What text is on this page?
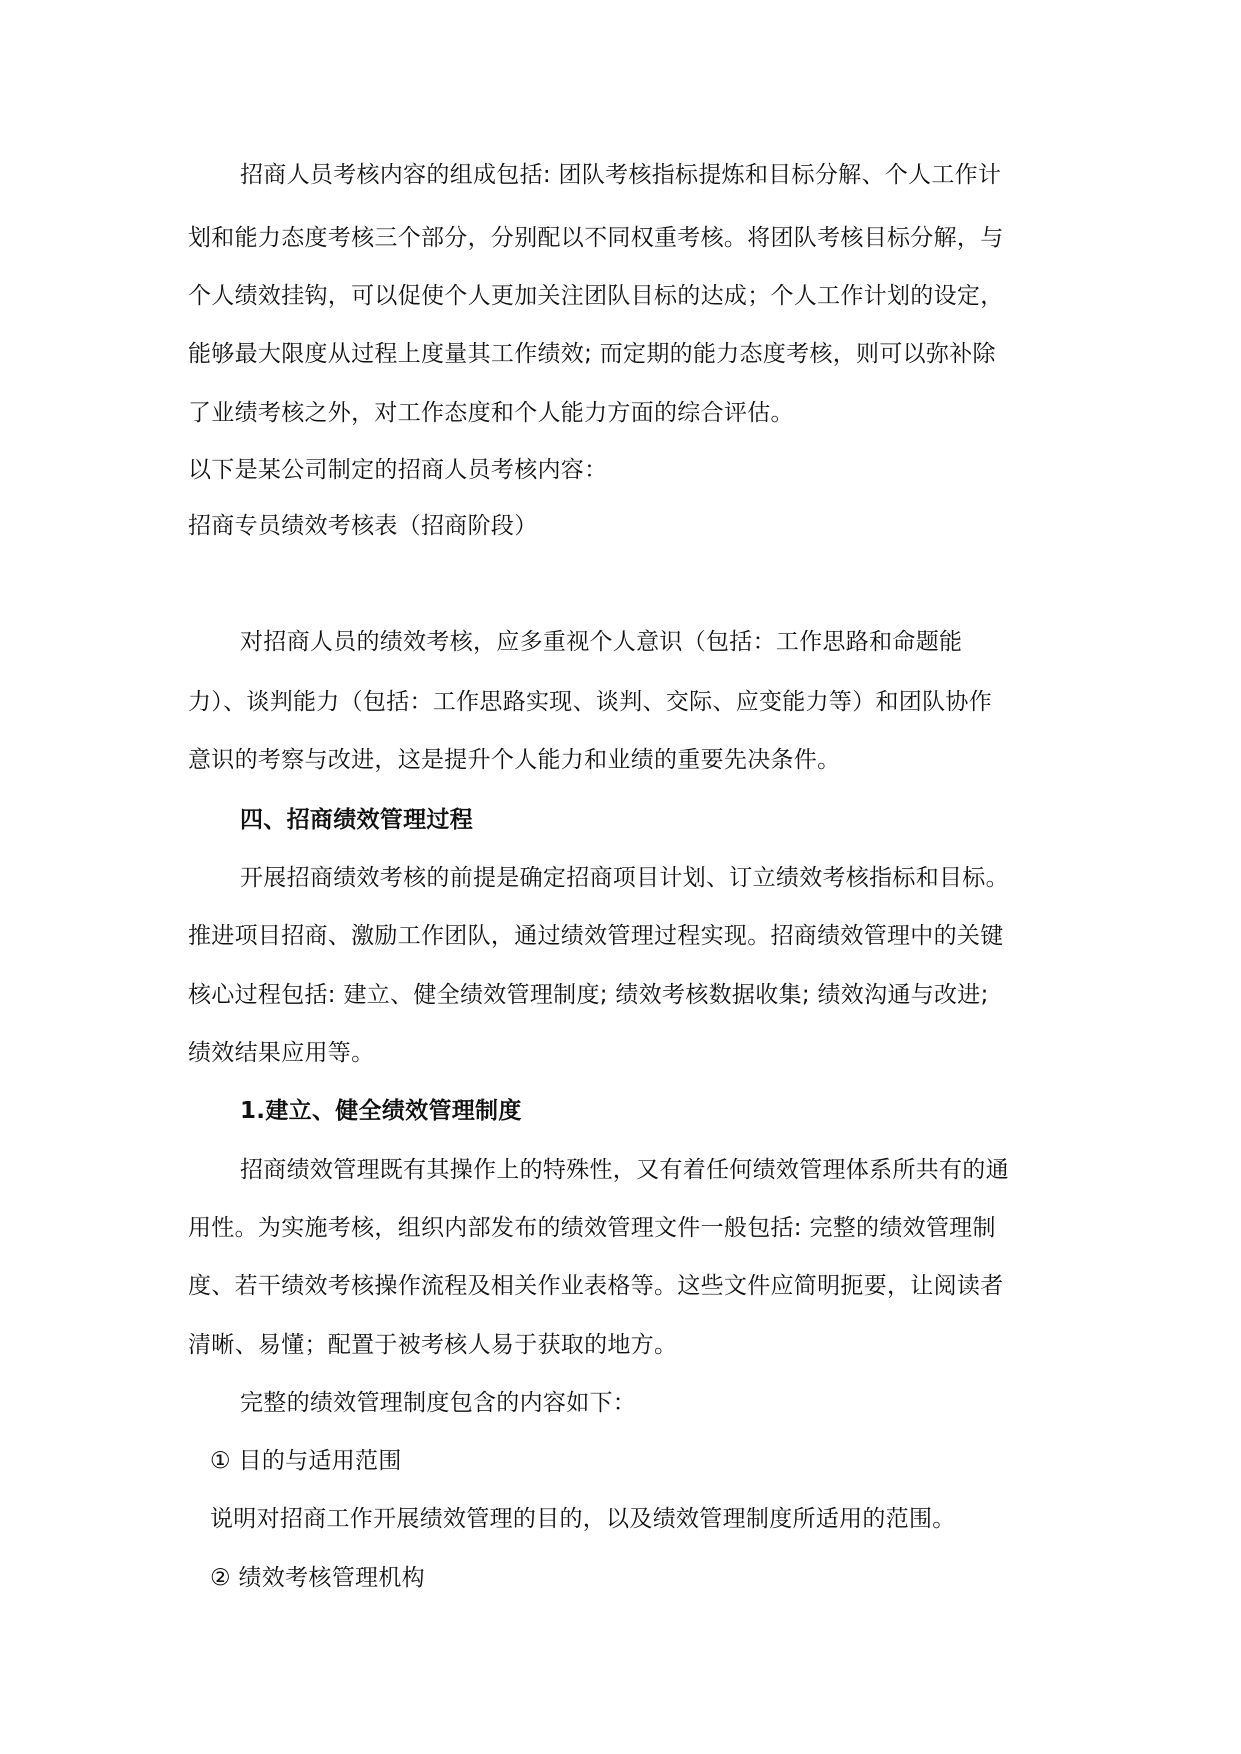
招商人员考核内容的组成包括: 团队考核指标提炼和目标分解、个人工作计
划和能力态度考核三个部分，分别配以不同权重考核。将团队考核目标分解，与
个人绩效挂钩，可以促使个人更加关注团队目标的达成；个人工作计划的设定，
能够最大限度从过程上度量其工作绩效; 而定期的能力态度考核，则可以弥补除
了业绩考核之外，对工作态度和个人能力方面的综合评估。
以下是某公司制定的招商人员考核内容：
招商专员绩效考核表（招商阶段）
对招商人员的绩效考核，应多重视个人意识（包括：工作思路和命题能
力）、谈判能力（包括：工作思路实现、谈判、交际、应变能力等）和团队协作
意识的考察与改进，这是提升个人能力和业绩的重要先决条件。
四、招商绩效管理过程
开展招商绩效考核的前提是确定招商项目计划、订立绩效考核指标和目标。
推进项目招商、激励工作团队，通过绩效管理过程实现。招商绩效管理中的关键
核心过程包括: 建立、健全绩效管理制度; 绩效考核数据收集; 绩效沟通与改进;
绩效结果应用等。
1.建立、健全绩效管理制度
招商绩效管理既有其操作上的特殊性，又有着任何绩效管理体系所共有的通
用性。为实施考核，组织内部发布的绩效管理文件一般包括: 完整的绩效管理制
度、若干绩效考核操作流程及相关作业表格等。这些文件应简明扼要，让阅读者
清晰、易懂；配置于被考核人易于获取的地方。
完整的绩效管理制度包含的内容如下：
① 目的与适用范围
说明对招商工作开展绩效管理的目的，以及绩效管理制度所适用的范围。
② 绩效考核管理机构
